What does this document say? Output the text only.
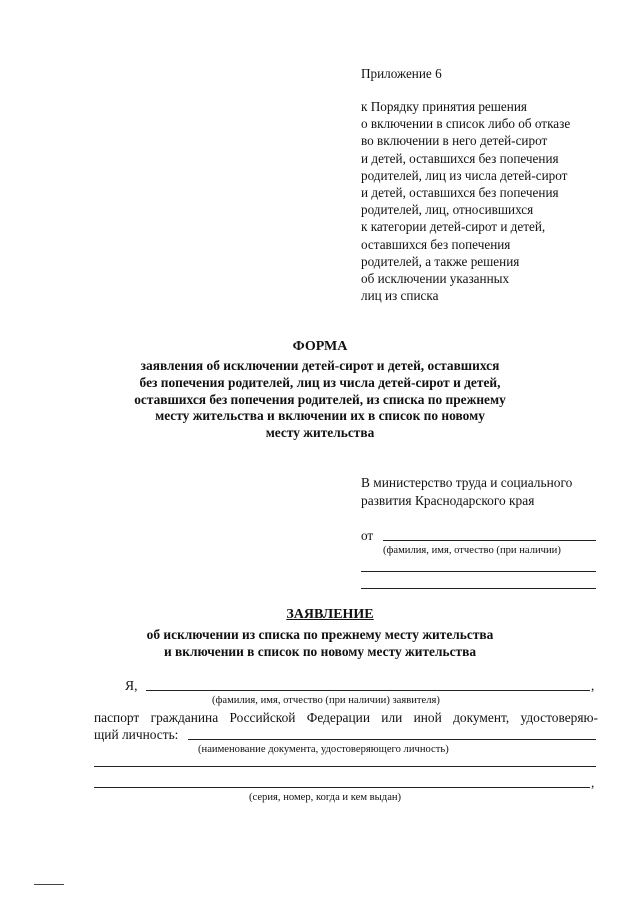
Приложение 6
к Порядку принятия решения
о включении в список либо об отказе
во включении в него детей-сирот
и детей, оставшихся без попечения
родителей, лиц из числа детей-сирот
и детей, оставшихся без попечения
родителей, лиц, относившихся
к категории детей-сирот и детей,
оставшихся без попечения
родителей, а также решения
об исключении указанных
лиц из списка
ФОРМА
заявления об исключении детей-сирот и детей, оставшихся
без попечения родителей, лиц из числа детей-сирот и детей,
оставшихся без попечения родителей, из списка по прежнему
месту жительства и включении их в список по новому
месту жительства
В министерство труда и социального
развития Краснодарского края
от
(фамилия, имя, отчество (при наличии)
ЗАЯВЛЕНИЕ
об исключении из списка по прежнему месту жительства
и включении в список по новому месту жительства
Я,	,
(фамилия, имя, отчество (при наличии) заявителя)
паспорт гражданина Российской Федерации или иной документ, удостоверяю-
щий личность:
(наименование документа, удостоверяющего личность)
,
(серия, номер, когда и кем выдан)
